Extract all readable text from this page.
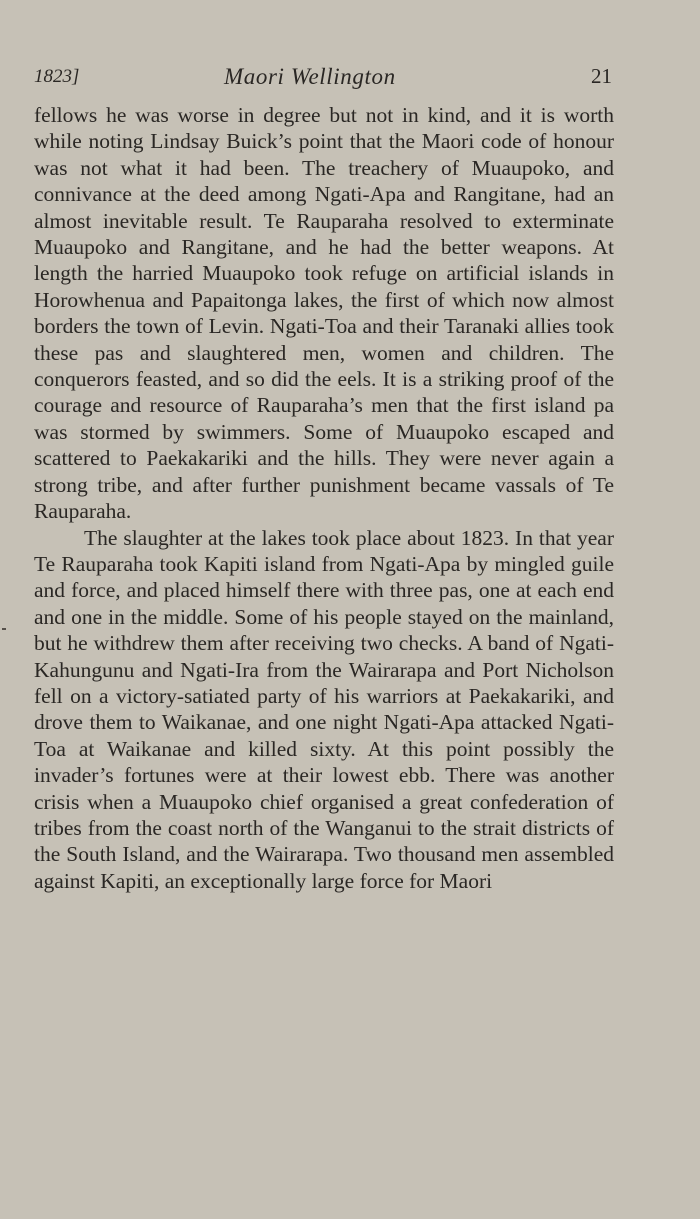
1823]	Maori Wellington	21

fellows he was worse in degree but not in kind, and it is worth while noting Lindsay Buick’s point that the Maori code of honour was not what it had been. The treachery of Muaupoko, and connivance at the deed among Ngati-Apa and Rangitane, had an almost inevitable result. Te Rauparaha resolved to exterminate Muaupoko and Rangitane, and he had the better weapons. At length the harried Muaupoko took refuge on artificial islands in Horowhenua and Papaitonga lakes, the first of which now almost borders the town of Levin. Ngati-Toa and their Taranaki allies took these pas and slaughtered men, women and children. The conquerors feasted, and so did the eels. It is a striking proof of the courage and resource of Rauparaha’s men that the first island pa was stormed by swimmers. Some of Muaupoko escaped and scattered to Paekakariki and the hills. They were never again a strong tribe, and after further punishment became vassals of Te Rauparaha.

The slaughter at the lakes took place about 1823. In that year Te Rauparaha took Kapiti island from Ngati-Apa by mingled guile and force, and placed himself there with three pas, one at each end and one in the middle. Some of his people stayed on the mainland, but he withdrew them after receiving two checks. A band of Ngati-Kahungunu and Ngati-Ira from the Wairarapa and Port Nicholson fell on a victory-satiated party of his warriors at Paekakariki, and drove them to Waikanae, and one night Ngati-Apa attacked Ngati-Toa at Waikanae and killed sixty. At this point possibly the invader’s fortunes were at their lowest ebb. There was another crisis when a Muaupoko chief organised a great confederation of tribes from the coast north of the Wanganui to the strait districts of the South Island, and the Wairarapa. Two thousand men assembled against Kapiti, an exceptionally large force for Maori
